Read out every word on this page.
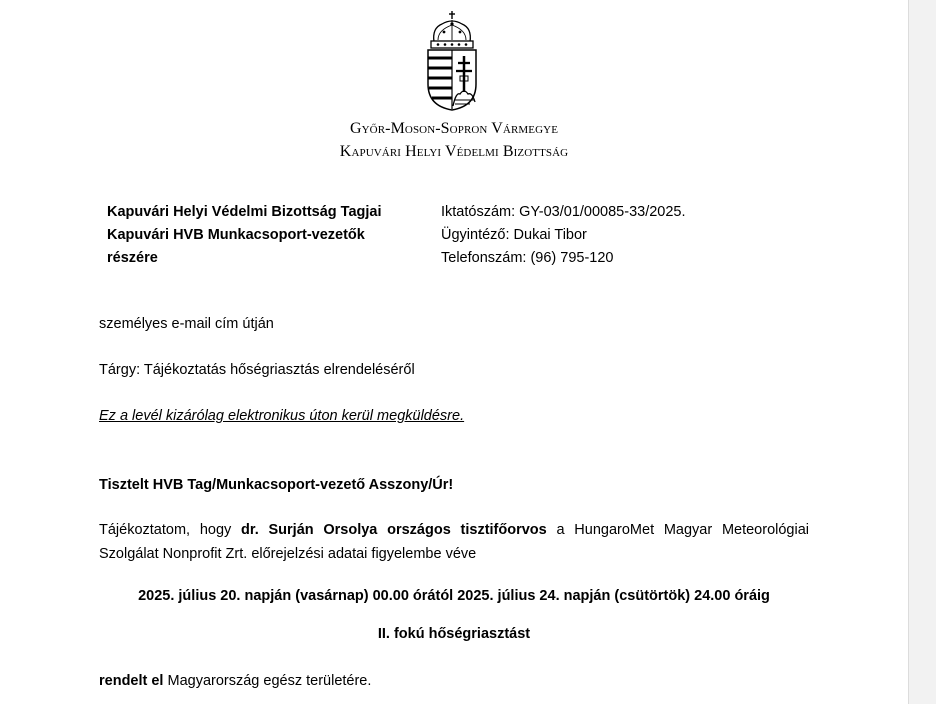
Győr-Moson-Sopron Vármegye
Kapuvári Helyi Védelmi Bizottság
Kapuvári Helyi Védelmi Bizottság Tagjai
Kapuvári HVB Munkacsoport-vezetők
részére
Iktatószám: GY-03/01/00085-33/2025.
Ügyintéző: Dukai Tibor
Telefonszám: (96) 795-120
személyes e-mail cím útján
Tárgy: Tájékoztatás hőségriasztás elrendeléséről
Ez a levél kizárólag elektronikus úton kerül megküldésre.
Tisztelt HVB Tag/Munkacsoport-vezető Asszony/Úr!
Tájékoztatom, hogy dr. Surján Orsolya országos tisztifőorvos a HungaroMet Magyar Meteorológiai Szolgálat Nonprofit Zrt. előrejelzési adatai figyelembe véve
2025. július 20. napján (vasárnap) 00.00 órától 2025. július 24. napján (csütörtök) 24.00 óráig
II. fokú hőségriasztást
rendelt el Magyarország egész területére.
